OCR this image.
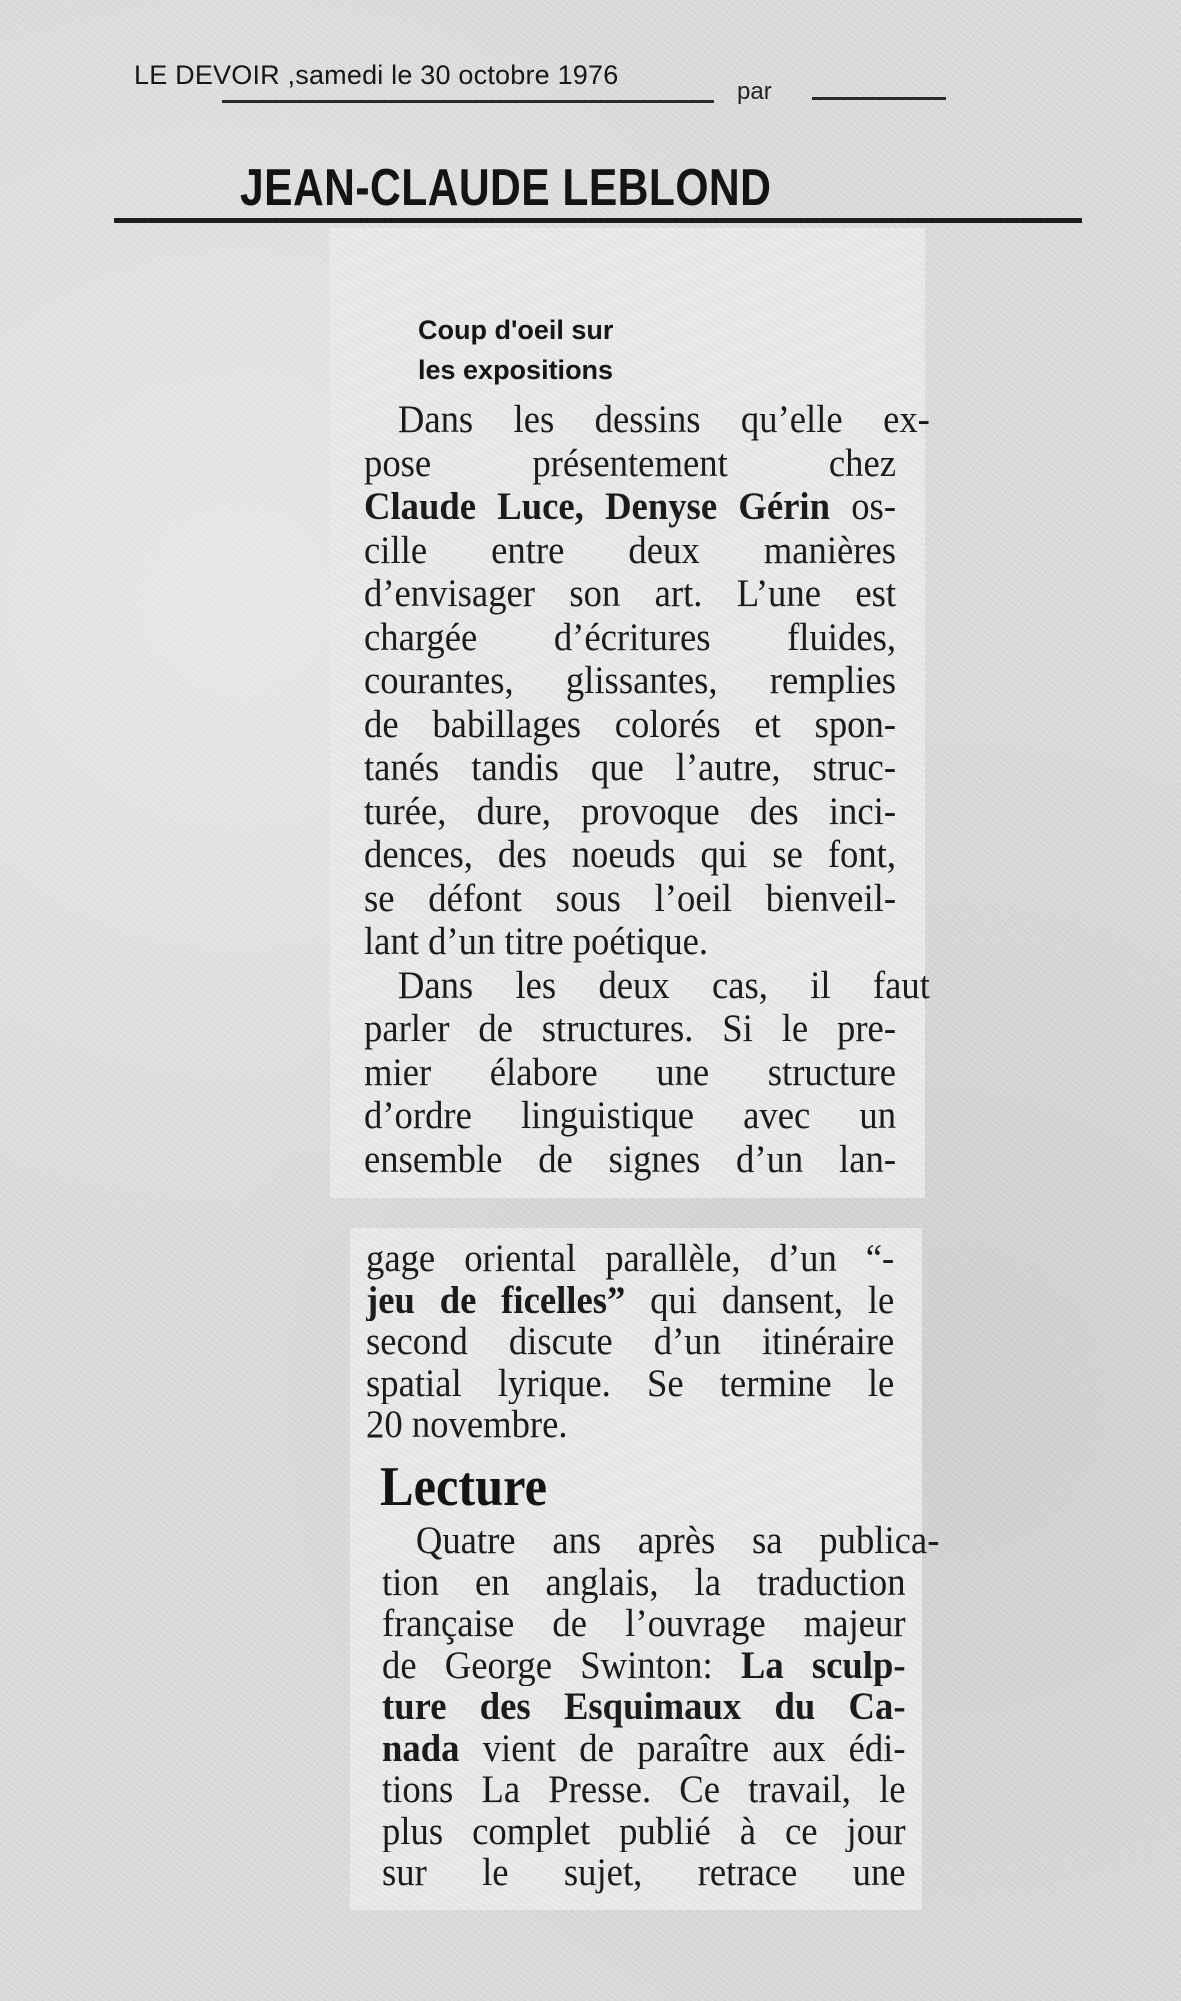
LE DEVOIR ,samedi le 30 octobre 1976
par
JEAN-CLAUDE LEBLOND
Coup d'oeil sur
les expositions
Dans les dessins qu’elle ex-
pose présentement chez
Claude Luce, Denyse Gérin os-
cille entre deux manières
d’envisager son art. L’une est
chargée d’écritures fluides,
courantes, glissantes, remplies
de babillages colorés et spon-
tanés tandis que l’autre, struc-
turée, dure, provoque des inci-
dences, des noeuds qui se font,
se défont sous l’oeil bienveil-
lant d’un titre poétique.
Dans les deux cas, il faut
parler de structures. Si le pre-
mier élabore une structure
d’ordre linguistique avec un
ensemble de signes d’un lan-
gage oriental parallèle, d’un “-
jeu de ficelles” qui dansent, le
second discute d’un itinéraire
spatial lyrique. Se termine le
20 novembre.
Lecture
Quatre ans après sa publica-
tion en anglais, la traduction
française de l’ouvrage majeur
de George Swinton: La sculp-
ture des Esquimaux du Ca-
nada vient de paraître aux édi-
tions La Presse. Ce travail, le
plus complet publié à ce jour
sur le sujet, retrace une
